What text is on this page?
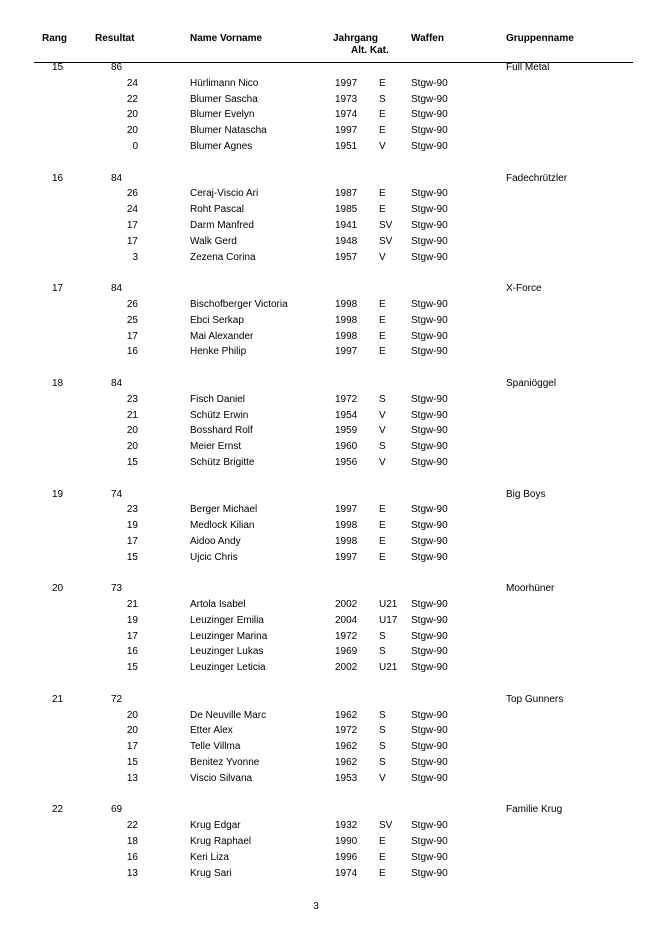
Rang	Resultat	Name Vorname	Jahrgang
Alt. Kat.
Waffen	Gruppenname
15	86	Full Metal
24	Hürlimann Nico	1997 E	Stgw-90
22	Blumer Sascha	1973 S	Stgw-90
20	Blumer Evelyn	1974 E	Stgw-90
20	Blumer Natascha	1997 E	Stgw-90
0	Blumer Agnes	1951 V	Stgw-90
16	84	Fadechrützler
26	Ceraj-Viscio Ari	1987 E	Stgw-90
24	Roht Pascal	1985 E	Stgw-90
17	Darm Manfred	1941 SV Stgw-90
17	Walk Gerd	1948 SV Stgw-90
3	Zezena Corina	1957 V	Stgw-90
17	84	X-Force
26	Bischofberger Victoria	1998 E	Stgw-90
25	Ebci Serkap	1998 E	Stgw-90
17	Mai Alexander	1998 E	Stgw-90
16	Henke Philip	1997 E	Stgw-90
18	84	Spaniöggel
23	Fisch Daniel	1972 S	Stgw-90
21	Schütz Erwin	1954 V	Stgw-90
20	Bosshard Rolf	1959 V	Stgw-90
20	Meier Ernst	1960 S	Stgw-90
15	Schütz Brigitte	1956 V	Stgw-90
19	74	Big Boys
23	Berger Michael	1997 E	Stgw-90
19	Medlock Kilian	1998 E	Stgw-90
17	Aidoo Andy	1998 E	Stgw-90
15	Ujcic Chris	1997 E	Stgw-90
20	73	Moorhüner
21	Artola Isabel	2002 U21 Stgw-90
19	Leuzinger Emilia	2004 U17 Stgw-90
17	Leuzinger Marina	1972 S	Stgw-90
16	Leuzinger Lukas	1969 S	Stgw-90
15	Leuzinger Leticia	2002 U21 Stgw-90
21	72	Top Gunners
20	De Neuville Marc	1962 S	Stgw-90
20	Etter Alex	1972 S	Stgw-90
17	Telle Villma	1962 S	Stgw-90
15	Benitez Yvonne	1962 S	Stgw-90
13	Viscio Silvana	1953 V	Stgw-90
22	69	Familie Krug
22	Krug Edgar	1932 SV Stgw-90
18	Krug Raphael	1990 E	Stgw-90
16	Keri Liza	1996 E	Stgw-90
13	Krug Sari	1974 E	Stgw-90
3
